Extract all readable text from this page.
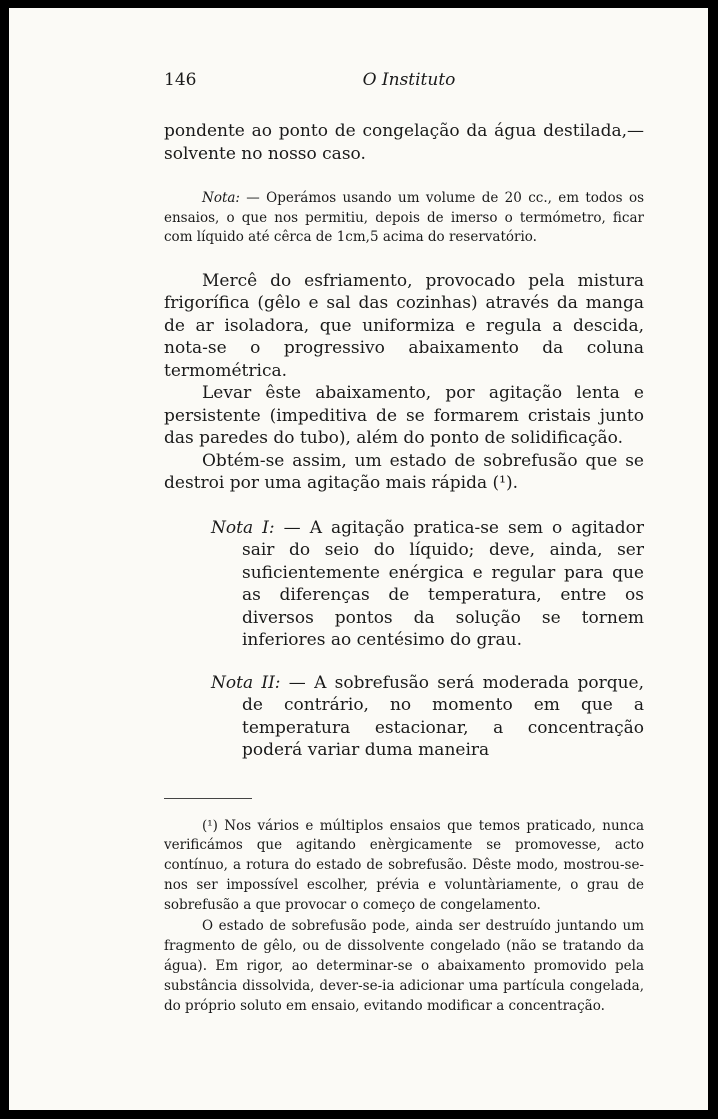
146	O Instituto

pondente ao ponto de congelação da água destilada,— solvente no nosso caso.

Nota: — Operámos usando um volume de 20 cc., em todos os ensaios, o que nos permitiu, depois de imerso o termómetro, ficar com líquido até cêrca de 1cm,5 acima do reservatório.

Mercê do esfriamento, provocado pela mistura frigorífica (gêlo e sal das cozinhas) através da manga de ar isoladora, que uniformiza e regula a descida, nota-se o progressivo abaixamento da coluna termométrica.

Levar êste abaixamento, por agitação lenta e persistente (impeditiva de se formarem cristais junto das paredes do tubo), além do ponto de solidificação.

Obtém-se assim, um estado de sobrefusão que se destroi por uma agitação mais rápida (¹).

Nota I: — A agitação pratica-se sem o agitador sair do seio do líquido; deve, ainda, ser suficientemente enérgica e regular para que as diferenças de temperatura, entre os diversos pontos da solução se tornem inferiores ao centésimo do grau.

Nota II: — A sobrefusão será moderada porque, de contrário, no momento em que a temperatura estacionar, a concentração poderá variar duma maneira

(¹) Nos vários e múltiplos ensaios que temos praticado, nunca verificámos que agitando enèrgicamente se promovesse, acto contínuo, a rotura do estado de sobrefusão. Dêste modo, mostrou-se-nos ser impossível escolher, prévia e voluntàriamente, o grau de sobrefusão a que provocar o começo de congelamento.

O estado de sobrefusão pode, ainda ser destruído juntando um fragmento de gêlo, ou de dissolvente congelado (não se tratando da água). Em rigor, ao determinar-se o abaixamento promovido pela substância dissolvida, dever-se-ia adicionar uma partícula congelada, do próprio soluto em ensaio, evitando modificar a concentração.
